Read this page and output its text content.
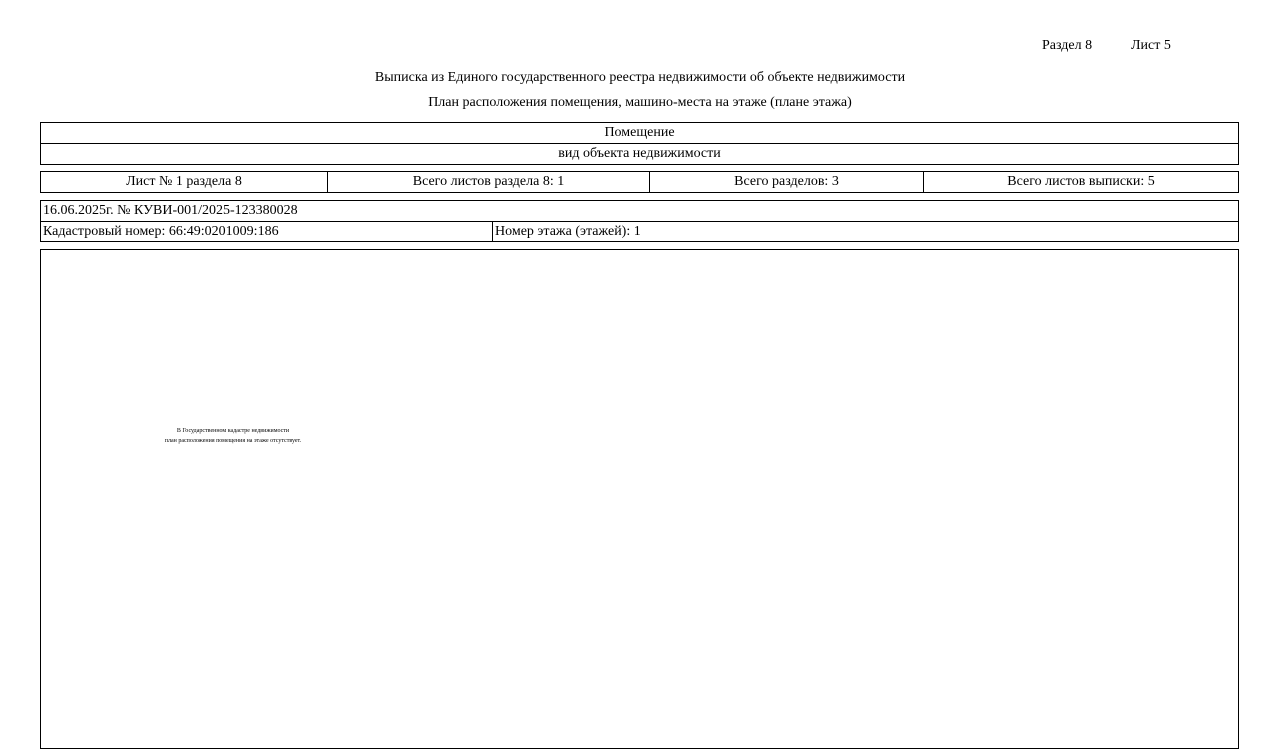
Раздел 8	Лист 5
Выписка из Единого государственного реестра недвижимости об объекте недвижимости
План расположения помещения, машино-места на этаже (плане этажа)
Помещение
вид объекта недвижимости
Лист № 1 раздела 8	Всего листов раздела 8: 1	Всего разделов: 3	Всего листов выписки: 5
16.06.2025г. № КУВИ-001/2025-123380028
Кадастровый номер: 66:49:0201009:186	Номер этажа (этажей): 1
В Государственном кадастре недвижимости
план расположения помещения на этаже отсутствует.
